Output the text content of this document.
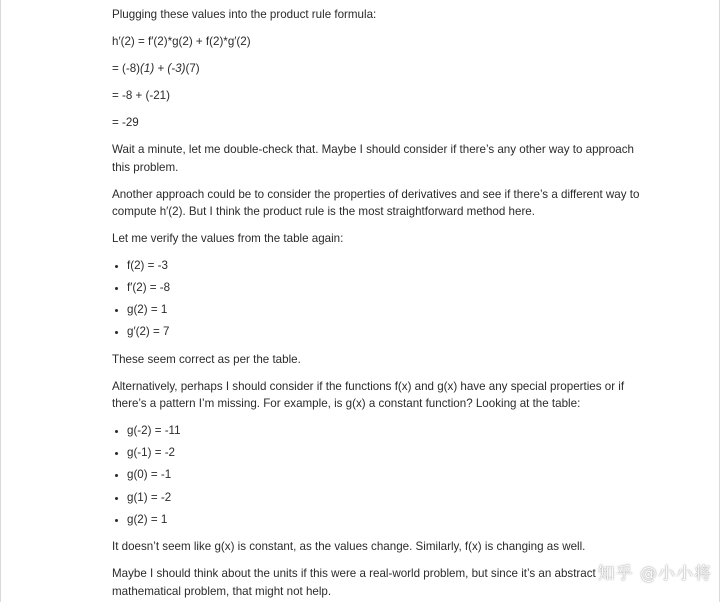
Plugging these values into the product rule formula:

h′(2) = f′(2)*g(2) + f(2)*g′(2)

= (-8)(1) + (-3)(7)

= -8 + (-21)

= -29

Wait a minute, let me double-check that. Maybe I should consider if there’s any other way to approach this problem.

Another approach could be to consider the properties of derivatives and see if there’s a different way to compute h′(2). But I think the product rule is the most straightforward method here.

Let me verify the values from the table again:

• f(2) = -3
• f′(2) = -8
• g(2) = 1
• g′(2) = 7

These seem correct as per the table.

Alternatively, perhaps I should consider if the functions f(x) and g(x) have any special properties or if there’s a pattern I’m missing. For example, is g(x) a constant function? Looking at the table:

• g(-2) = -11
• g(-1) = -2
• g(0) = -1
• g(1) = -2
• g(2) = 1

It doesn’t seem like g(x) is constant, as the values change. Similarly, f(x) is changing as well.

Maybe I should think about the units if this were a real-world problem, but since it’s an abstract mathematical problem, that might not help.

知乎 @小小将
